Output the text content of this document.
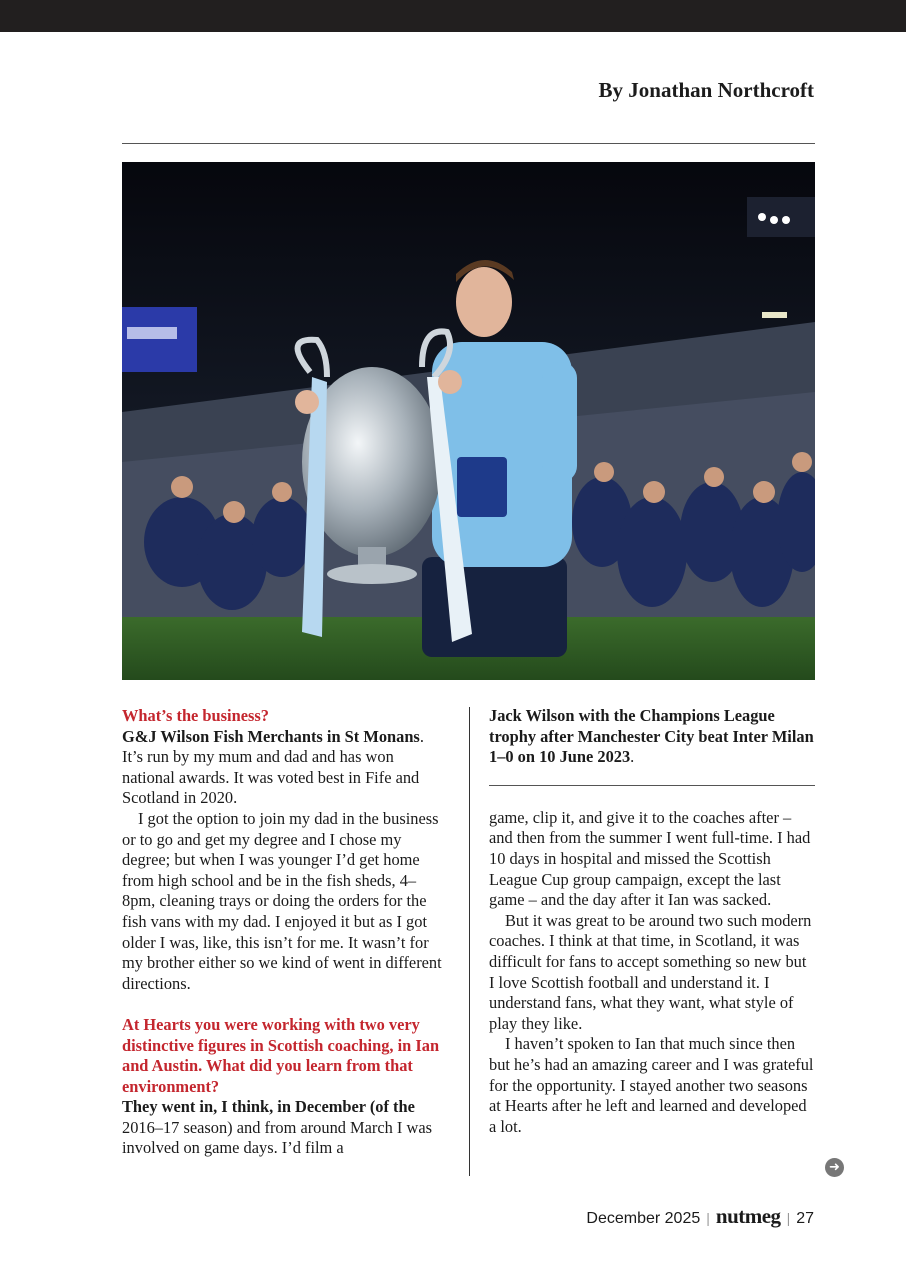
By Jonathan Northcroft

What’s the business?

G&J Wilson Fish Merchants in St Monans. It’s run by my mum and dad and has won national awards. It was voted best in Fife and Scotland in 2020.

I got the option to join my dad in the business or to go and get my degree and I chose my degree; but when I was younger I’d get home from high school and be in the fish sheds, 4–8pm, cleaning trays or doing the orders for the fish vans with my dad. I enjoyed it but as I got older I was, like, this isn’t for me. It wasn’t for my brother either so we kind of went in different directions.

At Hearts you were working with two very distinctive figures in Scottish coaching, in Ian and Austin. What did you learn from that environment?

They went in, I think, in December (of the 2016–17 season) and from around March I was involved on game days. I’d film a

Jack Wilson with the Champions League trophy after Manchester City beat Inter Milan 1–0 on 10 June 2023.

game, clip it, and give it to the coaches after – and then from the summer I went full-time. I had 10 days in hospital and missed the Scottish League Cup group campaign, except the last game – and the day after it Ian was sacked.

But it was great to be around two such modern coaches. I think at that time, in Scotland, it was difficult for fans to accept something so new but I love Scottish football and understand it. I understand fans, what they want, what style of play they like.

I haven’t spoken to Ian that much since then but he’s had an amazing career and I was grateful for the opportunity. I stayed another two seasons at Hearts after he left and learned and developed a lot.

➜
December 2025 | nutmeg | 27
